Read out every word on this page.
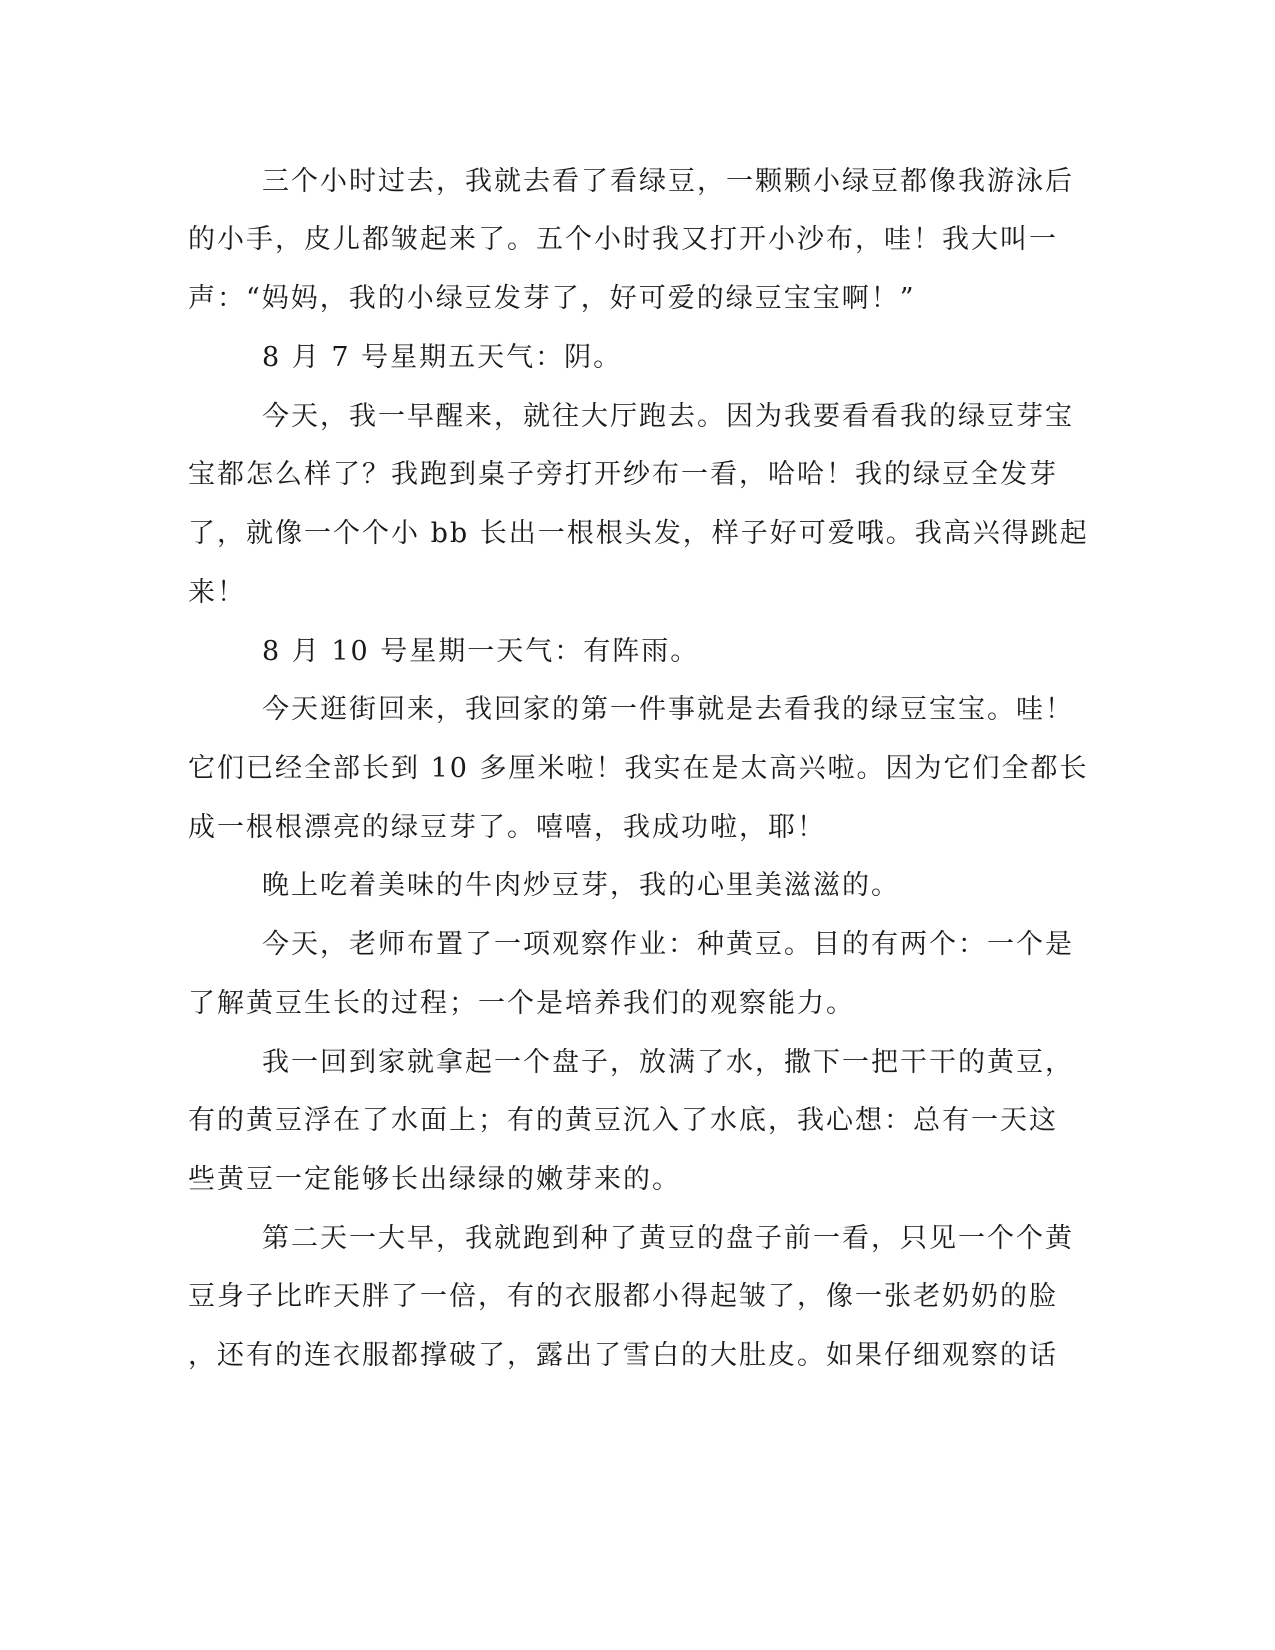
三个小时过去，我就去看了看绿豆，一颗颗小绿豆都像我游泳后

的小手，皮儿都皱起来了。五个小时我又打开小沙布，哇！我大叫一

声：“妈妈，我的小绿豆发芽了，好可爱的绿豆宝宝啊！”

8 月 7 号星期五天气：阴。

今天，我一早醒来，就往大厅跑去。因为我要看看我的绿豆芽宝

宝都怎么样了？我跑到桌子旁打开纱布一看，哈哈！我的绿豆全发芽

了，就像一个个小 bb 长出一根根头发，样子好可爱哦。我高兴得跳起

来！

8 月 10 号星期一天气：有阵雨。

今天逛街回来，我回家的第一件事就是去看我的绿豆宝宝。哇！

它们已经全部长到 10 多厘米啦！我实在是太高兴啦。因为它们全都长

成一根根漂亮的绿豆芽了。嘻嘻，我成功啦，耶！

晚上吃着美味的牛肉炒豆芽，我的心里美滋滋的。

今天，老师布置了一项观察作业：种黄豆。目的有两个：一个是

了解黄豆生长的过程；一个是培养我们的观察能力。

我一回到家就拿起一个盘子，放满了水，撒下一把干干的黄豆，

有的黄豆浮在了水面上；有的黄豆沉入了水底，我心想：总有一天这

些黄豆一定能够长出绿绿的嫩芽来的。

第二天一大早，我就跑到种了黄豆的盘子前一看，只见一个个黄

豆身子比昨天胖了一倍，有的衣服都小得起皱了，像一张老奶奶的脸

，还有的连衣服都撑破了，露出了雪白的大肚皮。如果仔细观察的话
